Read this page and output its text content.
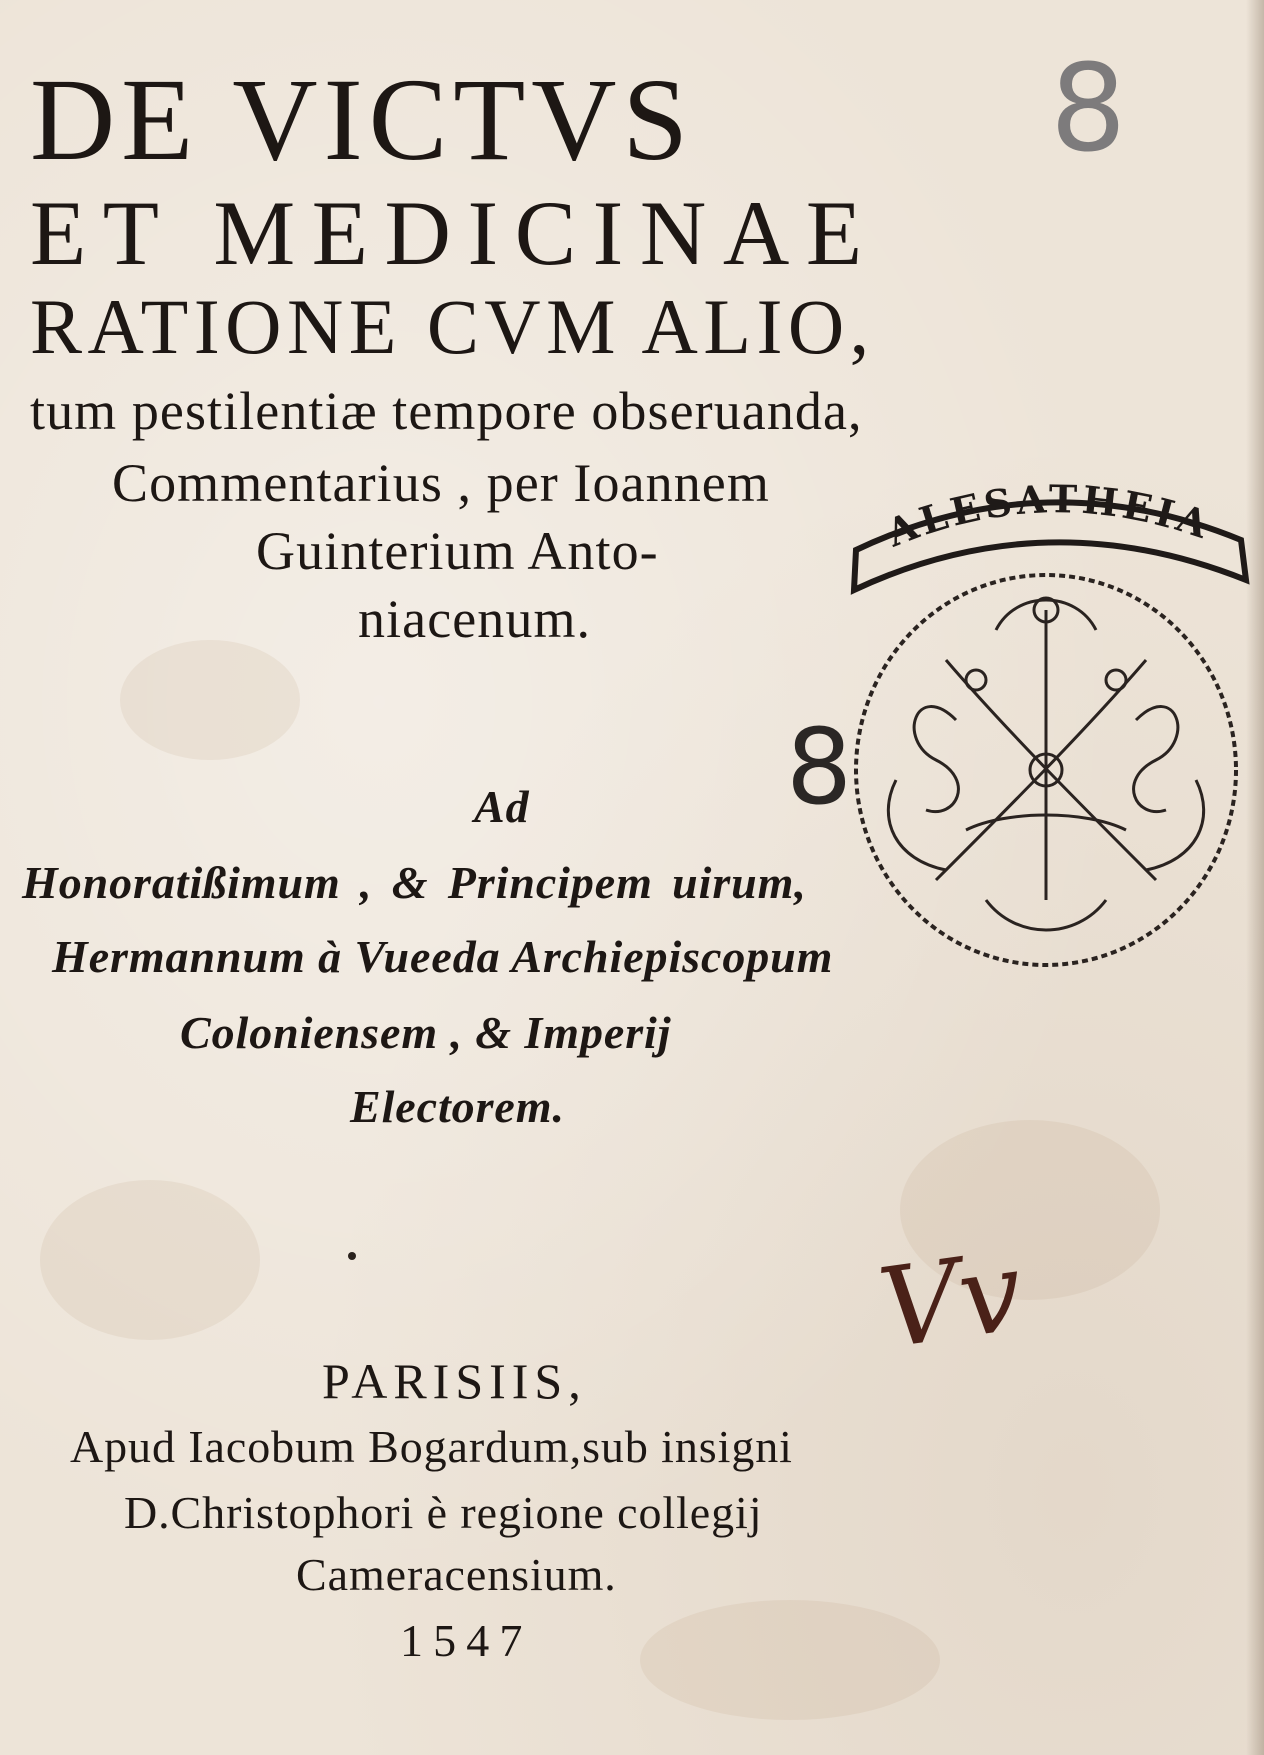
DE VICTVS
ET MEDICINAE
RATIONE CVM ALIO,
tum pestilentiæ tempore obseruanda,
Commentarius , per Ioannem
Guinterium Anto-
niacenum.
Ad
Honoratißimum , & Principem uirum,
Hermannum à Vueeda Archiepiscopum
Coloniensem , & Imperij
Electorem.
PARISIIS,
Apud Iacobum Bogardum,sub insigni
D.Christophori è regione collegij
Cameracensium.
1547
8
ALESATHEIA
8
Vv
